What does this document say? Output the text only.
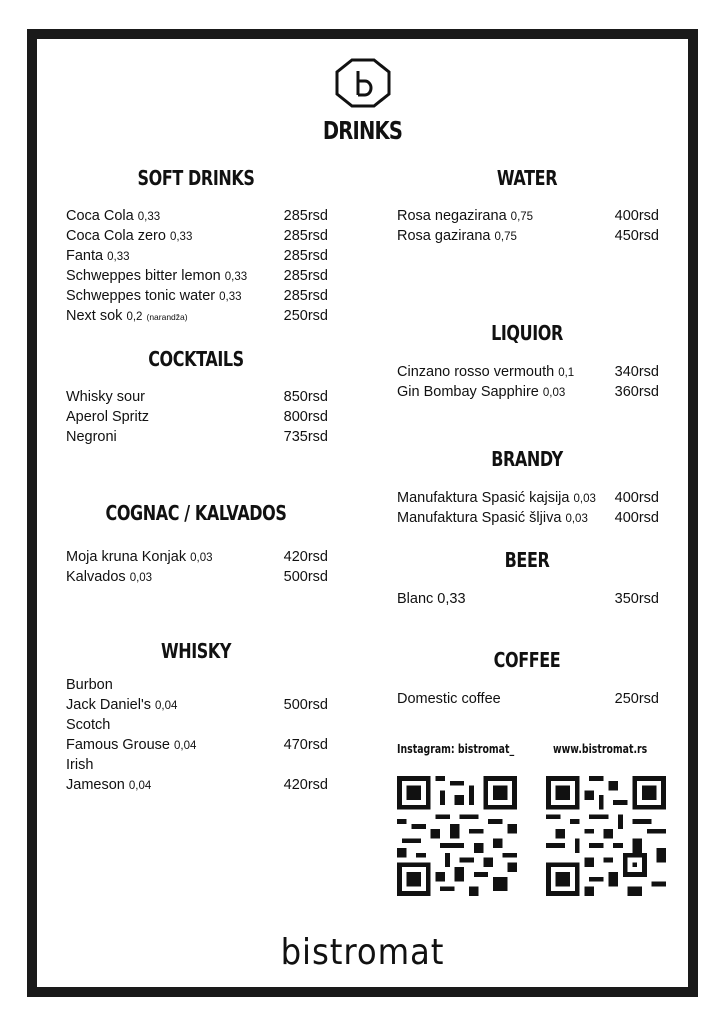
DRINKS
SOFT DRINKS
Coca Cola 0,33	285rsd
Coca Cola zero 0,33	285rsd
Fanta 0,33	285rsd
Schweppes bitter lemon 0,33	285rsd
Schweppes tonic water 0,33	285rsd
Next sok 0,2 (narandža)	250rsd
COCKTAILS
Whisky sour	850rsd
Aperol Spritz	800rsd
Negroni	735rsd
COGNAC / KALVADOS
Moja kruna Konjak 0,03	420rsd
Kalvados 0,03	500rsd
WHISKY
Burbon
Jack Daniel's 0,04	500rsd
Scotch
Famous Grouse 0,04	470rsd
Irish
Jameson 0,04	420rsd
WATER
Rosa negazirana 0,75	400rsd
Rosa gazirana 0,75	450rsd
LIQUIOR
Cinzano rosso vermouth 0,1	340rsd
Gin Bombay Sapphire 0,03	360rsd
BRANDY
Manufaktura Spasić kajsija 0,03 400rsd
Manufaktura Spasić šljiva 0,03 400rsd
BEER
Blanc 0,33	350rsd
COFFEE
Domestic coffee	250rsd
Instagram: bistromat_	www.bistromat.rs
bistromat
